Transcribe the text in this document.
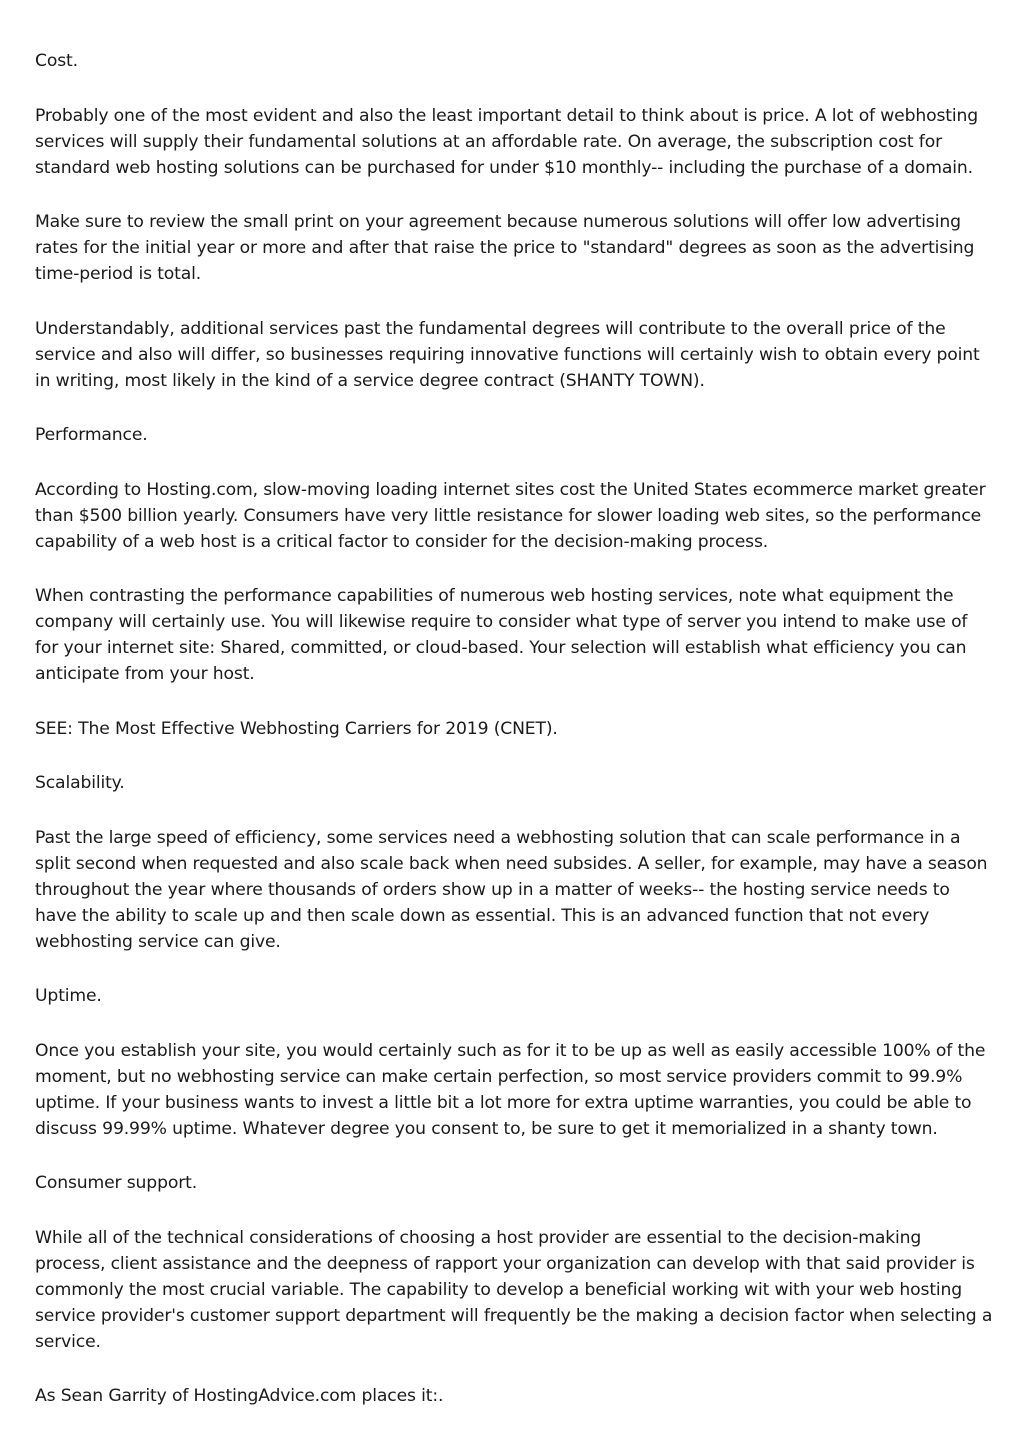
Cost.

Probably one of the most evident and also the least important detail to think about is price. A lot of webhosting services will supply their fundamental solutions at an affordable rate. On average, the subscription cost for standard web hosting solutions can be purchased for under $10 monthly-- including the purchase of a domain.

Make sure to review the small print on your agreement because numerous solutions will offer low advertising rates for the initial year or more and after that raise the price to "standard" degrees as soon as the advertising time-period is total.

Understandably, additional services past the fundamental degrees will contribute to the overall price of the service and also will differ, so businesses requiring innovative functions will certainly wish to obtain every point in writing, most likely in the kind of a service degree contract (SHANTY TOWN).

Performance.

According to Hosting.com, slow-moving loading internet sites cost the United States ecommerce market greater than $500 billion yearly. Consumers have very little resistance for slower loading web sites, so the performance capability of a web host is a critical factor to consider for the decision-making process.

When contrasting the performance capabilities of numerous web hosting services, note what equipment the company will certainly use. You will likewise require to consider what type of server you intend to make use of for your internet site: Shared, committed, or cloud-based. Your selection will establish what efficiency you can anticipate from your host.

SEE: The Most Effective Webhosting Carriers for 2019 (CNET).

Scalability.

Past the large speed of efficiency, some services need a webhosting solution that can scale performance in a split second when requested and also scale back when need subsides. A seller, for example, may have a season throughout the year where thousands of orders show up in a matter of weeks-- the hosting service needs to have the ability to scale up and then scale down as essential. This is an advanced function that not every webhosting service can give.

Uptime.

Once you establish your site, you would certainly such as for it to be up as well as easily accessible 100% of the moment, but no webhosting service can make certain perfection, so most service providers commit to 99.9% uptime. If your business wants to invest a little bit a lot more for extra uptime warranties, you could be able to discuss 99.99% uptime. Whatever degree you consent to, be sure to get it memorialized in a shanty town.

Consumer support.

While all of the technical considerations of choosing a host provider are essential to the decision-making process, client assistance and the deepness of rapport your organization can develop with that said provider is commonly the most crucial variable. The capability to develop a beneficial working wit with your web hosting service provider's customer support department will frequently be the making a decision factor when selecting a service.

As Sean Garrity of HostingAdvice.com places it:.
